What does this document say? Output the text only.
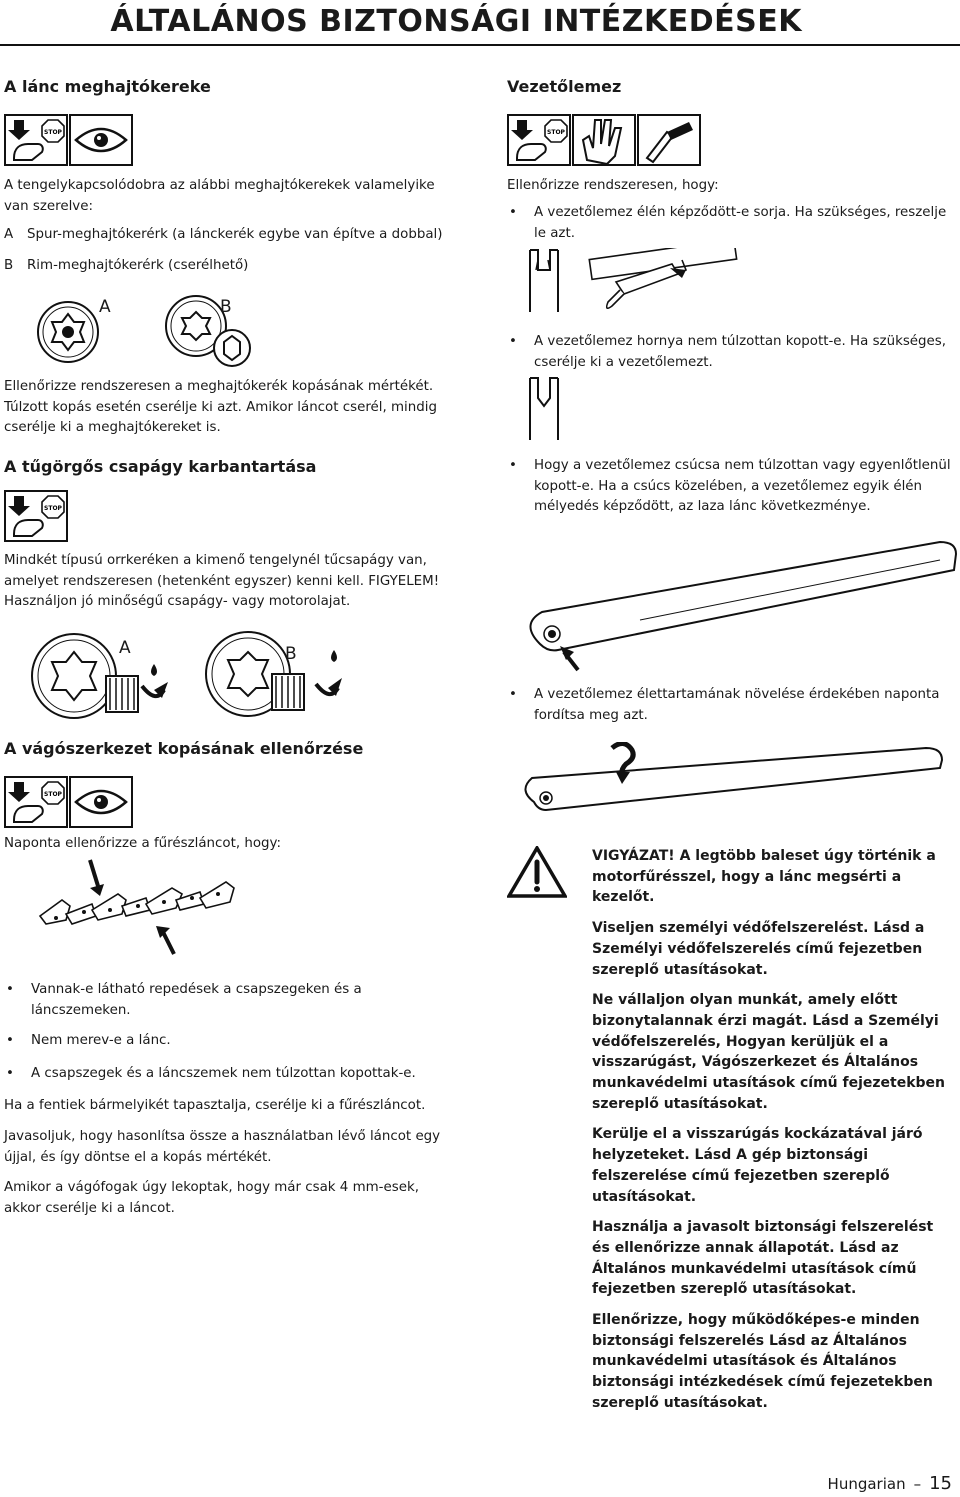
ÁLTALÁNOS BIZTONSÁGI INTÉZKEDÉSEK
A lánc meghajtókereke
STOP
A tengelykapcsolódobra az alábbi meghajtókerekek valamelyike van szerelve:
A Spur-meghajtókerérk (a lánckerék egybe van építve a dobbal)
B Rim-meghajtókerérk (cserélhető)
A	B
Ellenőrizze rendszeresen a meghajtókerék kopásának mértékét. Túlzott kopás esetén cserélje ki azt. Amikor láncot cserél, mindig cserélje ki a meghajtókereket is.
A tűgörgős csapágy karbantartása
STOP
Mindkét típusú orrkeréken a kimenő tengelynél tűcsapágy van, amelyet rendszeresen (hetenként egyszer) kenni kell. FIGYELEM! Használjon jó minőségű csapágy- vagy motorolajat.
A	B
A vágószerkezet kopásának ellenőrzése
STOP
Naponta ellenőrizze a fűrészláncot, hogy:
• Vannak-e látható repedések a csapszegeken és a láncszemeken.
• Nem merev-e a lánc.
• A csapszegek és a láncszemek nem túlzottan kopottak-e.
Ha a fentiek bármelyikét tapasztalja, cserélje ki a fűrészláncot.
Javasoljuk, hogy hasonlítsa össze a használatban lévő láncot egy újjal, és így döntse el a kopás mértékét.
Amikor a vágófogak úgy lekoptak, hogy már csak 4 mm-esek, akkor cserélje ki a láncot.
Vezetőlemez
STOP
Ellenőrizze rendszeresen, hogy:
• A vezetőlemez élén képződött-e sorja. Ha szükséges, reszelje le azt.
• A vezetőlemez hornya nem túlzottan kopott-e. Ha szükséges, cserélje ki a vezetőlemezt.
• Hogy a vezetőlemez csúcsa nem túlzottan vagy egyenlőtlenül kopott-e. Ha a csúcs közelében, a vezetőlemez egyik élén mélyedés képződött, az laza lánc következménye.
• A vezetőlemez élettartamának növelése érdekében naponta fordítsa meg azt.

VIGYÁZAT! A legtöbb baleset úgy történik a motorfűrésszel, hogy a lánc megsérti a kezelőt.

Viseljen személyi védőfelszerelést. Lásd a Személyi védőfelszerelés című fejezetben szereplő utasításokat.

Ne vállaljon olyan munkát, amely előtt bizonytalannak érzi magát. Lásd a Személyi védőfelszerelés, Hogyan kerüljük el a visszarúgást, Vágószerkezet és Általános munkavédelmi utasítások című fejezetekben szereplő utasításokat.

Kerülje el a visszarúgás kockázatával járó helyzeteket. Lásd A gép biztonsági felszerelése című fejezetben szereplő utasításokat.

Használja a javasolt biztonsági felszerelést és ellenőrizze annak állapotát. Lásd az Általános munkavédelmi utasítások című fejezetben szereplő utasításokat.

Ellenőrizze, hogy működőképes-e minden biztonsági felszerelés Lásd az Általános munkavédelmi utasítások és Általános biztonsági intézkedések című fejezetekben szereplő utasításokat.

Hungarian – 15
